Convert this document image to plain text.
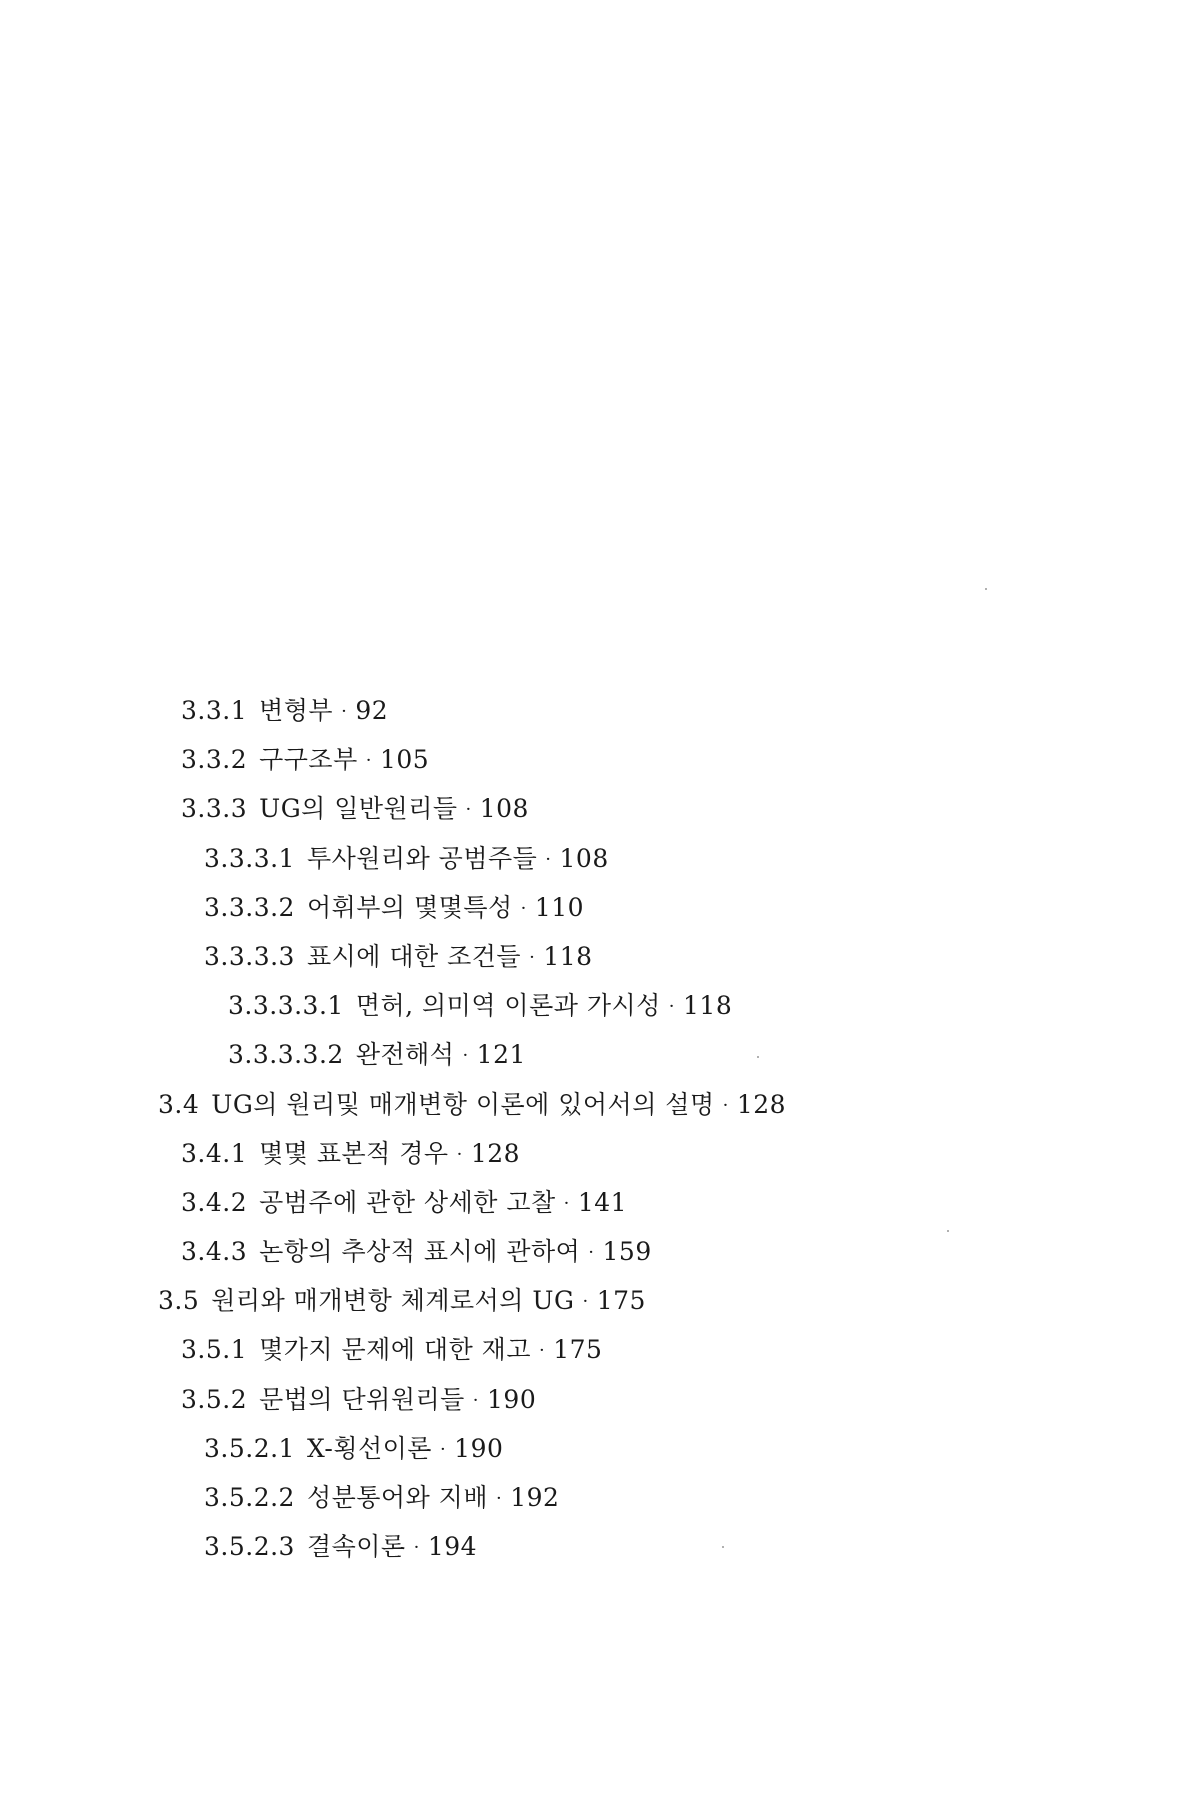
3.3.1 변형부 · 92
3.3.2 구구조부 · 105
3.3.3 UG의 일반원리들 · 108
3.3.3.1 투사원리와 공범주들 · 108
3.3.3.2 어휘부의 몇몇특성 · 110
3.3.3.3 표시에 대한 조건들 · 118
3.3.3.3.1 면허, 의미역 이론과 가시성 · 118
3.3.3.3.2 완전해석 · 121
3.4 UG의 원리및 매개변항 이론에 있어서의 설명 · 128
3.4.1 몇몇 표본적 경우 · 128
3.4.2 공범주에 관한 상세한 고찰 · 141
3.4.3 논항의 추상적 표시에 관하여 · 159
3.5 원리와 매개변항 체계로서의 UG · 175
3.5.1 몇가지 문제에 대한 재고 · 175
3.5.2 문법의 단위원리들 · 190
3.5.2.1 X-횡선이론 · 190
3.5.2.2 성분통어와 지배 · 192
3.5.2.3 결속이론 · 194
